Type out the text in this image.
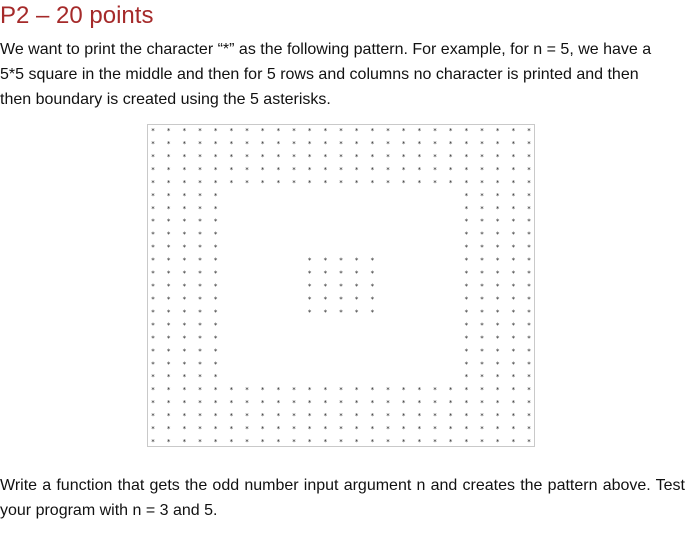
P2 – 20 points

We want to print the character “*” as the following pattern. For example, for n = 5, we have a 5*5 square in the middle and then for 5 rows and columns no character is printed and then then boundary is created using the 5 asterisks.

* * * * * * * * * * * * * * * * * * * * * * * * *
* * * * * * * * * * * * * * * * * * * * * * * * *
* * * * * * * * * * * * * * * * * * * * * * * * *
* * * * * * * * * * * * * * * * * * * * * * * * *
* * * * * * * * * * * * * * * * * * * * * * * * *
* * * * *	* * * * *
* * * * *	* * * * *
* * * * *	* * * * *
* * * * *	* * * * *
* * * * *	* * * * *
* * * * *	* * * * *	* * * * *
* * * * *	* * * * *	* * * * *
* * * * *	* * * * *	* * * * *
* * * * *	* * * * *	* * * * *
* * * * *	* * * * *	* * * * *
* * * * *	* * * * *
* * * * *	* * * * *
* * * * *	* * * * *
* * * * *	* * * * *
* * * * *	* * * * *
* * * * * * * * * * * * * * * * * * * * * * * * *
* * * * * * * * * * * * * * * * * * * * * * * * *
* * * * * * * * * * * * * * * * * * * * * * * * *
* * * * * * * * * * * * * * * * * * * * * * * * *
* * * * * * * * * * * * * * * * * * * * * * * * *

Write a function that gets the odd number input argument n and creates the pattern above. Test your program with n = 3 and 5.
